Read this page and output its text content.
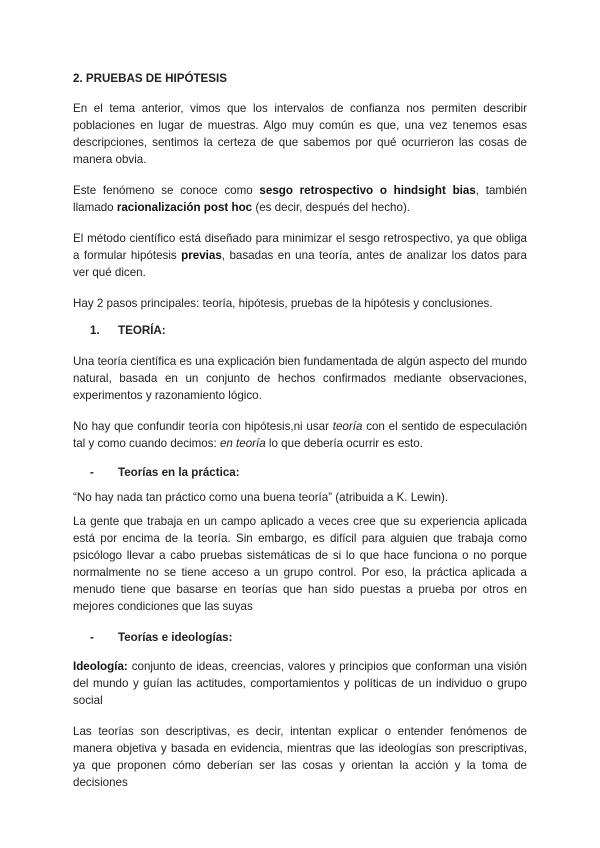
2. PRUEBAS DE HIPÓTESIS

En el tema anterior, vimos que los intervalos de confianza nos permiten describir poblaciones en lugar de muestras. Algo muy común es que, una vez tenemos esas descripciones, sentimos la certeza de que sabemos por qué ocurrieron las cosas de manera obvia.

Este fenómeno se conoce como sesgo retrospectivo o hindsight bias, también llamado racionalización post hoc (es decir, después del hecho).

El método científico está diseñado para minimizar el sesgo retrospectivo, ya que obliga a formular hipótesis previas, basadas en una teoría, antes de analizar los datos para ver qué dicen.

Hay 2 pasos principales: teoría, hipótesis, pruebas de la hipótesis y conclusiones.

1.	TEORÍA:

Una teoría científica es una explicación bien fundamentada de algún aspecto del mundo natural, basada en un conjunto de hechos confirmados mediante observaciones, experimentos y razonamiento lógico.

No hay que confundir teoría con hipótesis,ni usar teoría con el sentido de especulación tal y como cuando decimos: en teoría lo que debería ocurrir es esto.

-	Teorías en la práctica:

“No hay nada tan práctico como una buena teoría” (atribuida a K. Lewin).

La gente que trabaja en un campo aplicado a veces cree que su experiencia aplicada está por encima de la teoría. Sin embargo, es difícil para alguien que trabaja como psicólogo llevar a cabo pruebas sistemáticas de si lo que hace funciona o no porque normalmente no se tiene acceso a un grupo control. Por eso, la práctica aplicada a menudo tiene que basarse en teorías que han sido puestas a prueba por otros en mejores condiciones que las suyas

-	Teorías e ideologías:

Ideología: conjunto de ideas, creencias, valores y principios que conforman una visión del mundo y guían las actitudes, comportamientos y políticas de un individuo o grupo social

Las teorías son descriptivas, es decir, intentan explicar o entender fenómenos de manera objetiva y basada en evidencia, mientras que las ideologías son prescriptivas, ya que proponen cómo deberían ser las cosas y orientan la acción y la toma de decisiones
